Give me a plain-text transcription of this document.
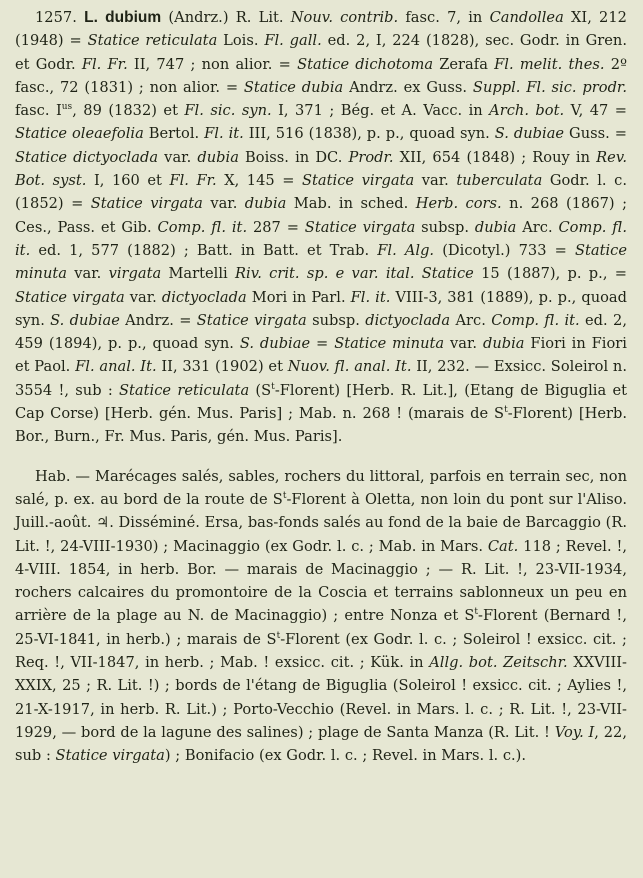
1257. L. dubium (Andrz.) R. Lit. Nouv. contrib. fasc. 7, in Candollea XI, 212 (1948) = Statice reticulata Lois. Fl. gall. ed. 2, I, 224 (1828), sec. Godr. in Gren. et Godr. Fl. Fr. II, 747 ; non alior. = Statice dichotoma Zerafa Fl. melit. thes. 2º fasc., 72 (1831) ; non alior. = Statice dubia Andrz. ex Guss. Suppl. Fl. sic. prodr. fasc. $I^{us}$, 89 (1832) et Fl. sic. syn. I, 371 ; Bég. et A. Vacc. in Arch. bot. V, 47 = Statice oleaefolia Bertol. Fl. it. III, 516 (1838), p. p., quoad syn. S. dubiae Guss. = Statice dictyoclada var. dubia Boiss. in DC. Prodr. XII, 654 (1848) ; Rouy in Rev. Bot. syst. I, 160 et Fl. Fr. X, 145 = Statice virgata var. tuberculata Godr. l. c. (1852) = Statice virgata var. dubia Mab. in sched. Herb. cors. n. 268 (1867) ; Ces., Pass. et Gib. Comp. fl. it. 287 = Statice virgata subsp. dubia Arc. Comp. fl. it. ed. 1, 577 (1882) ; Batt. in Batt. et Trab. Fl. Alg. (Dicotyl.) 733 = Statice minuta var. virgata Martelli Riv. crit. sp. e var. ital. Statice 15 (1887), p. p., = Statice virgata var. dictyoclada Mori in Parl. Fl. it. VIII-3, 381 (1889), p. p., quoad syn. S. dubiae Andrz. = Statice virgata subsp. dictyoclada Arc. Comp. fl. it. ed. 2, 459 (1894), p. p., quoad syn. S. dubiae = Statice minuta var. dubia Fiori in Fiori et Paol. Fl. anal. It. II, 331 (1902) et Nuov. fl. anal. It. II, 232. — Exsicc. Soleirol n. 3554 !, sub : Statice reticulata $(S^t-Florent)$ [Herb. R. Lit.], (Etang de Biguglia et Cap Corse) [Herb. gén. Mus. Paris] ; Mab. n. 268 ! (marais de $S^t-Florent$) [Herb. Bor., Burn., Fr. Mus. Paris, gén. Mus. Paris].

Hab. — Marécages salés, sables, rochers du littoral, parfois en terrain sec, non salé, p. ex. au bord de la route de $S^t$-Florent à Oletta, non loin du pont sur l'Aliso. Juill.-août. ♃. Disséminé. Ersa, bas-fonds salés au fond de la baie de Barcaggio (R. Lit. !, 24-VIII-1930) ; Macinaggio (ex Godr. l. c. ; Mab. in Mars. Cat. 118 ; Revel. !, 4-VIII. 1854, in herb. Bor. — marais de Macinaggio ; — R. Lit. !, 23-VII-1934, rochers calcaires du promontoire de la Coscia et terrains sablonneux un peu en arrière de la plage au N. de Macinaggio) ; entre Nonza et $S^t$-Florent (Bernard !, 25-VI-1841, in herb.) ; marais de $S^t$-Florent (ex Godr. l. c. ; Soleirol ! exsicc. cit. ; Req. !, VII-1847, in herb. ; Mab. ! exsicc. cit. ; Kük. in Allg. bot. Zeitschr. XXVIII-XXIX, 25 ; R. Lit. !) ; bords de l'étang de Biguglia (Soleirol ! exsicc. cit. ; Aylies !, 21-X-1917, in herb. R. Lit.) ; Porto-Vecchio (Revel. in Mars. l. c. ; R. Lit. !, 23-VII-1929, — bord de la lagune des salines) ; plage de Santa Manza (R. Lit. ! Voy. I, 22, sub : Statice virgata) ; Bonifacio (ex Godr. l. c. ; Revel. in Mars. l. c.).
